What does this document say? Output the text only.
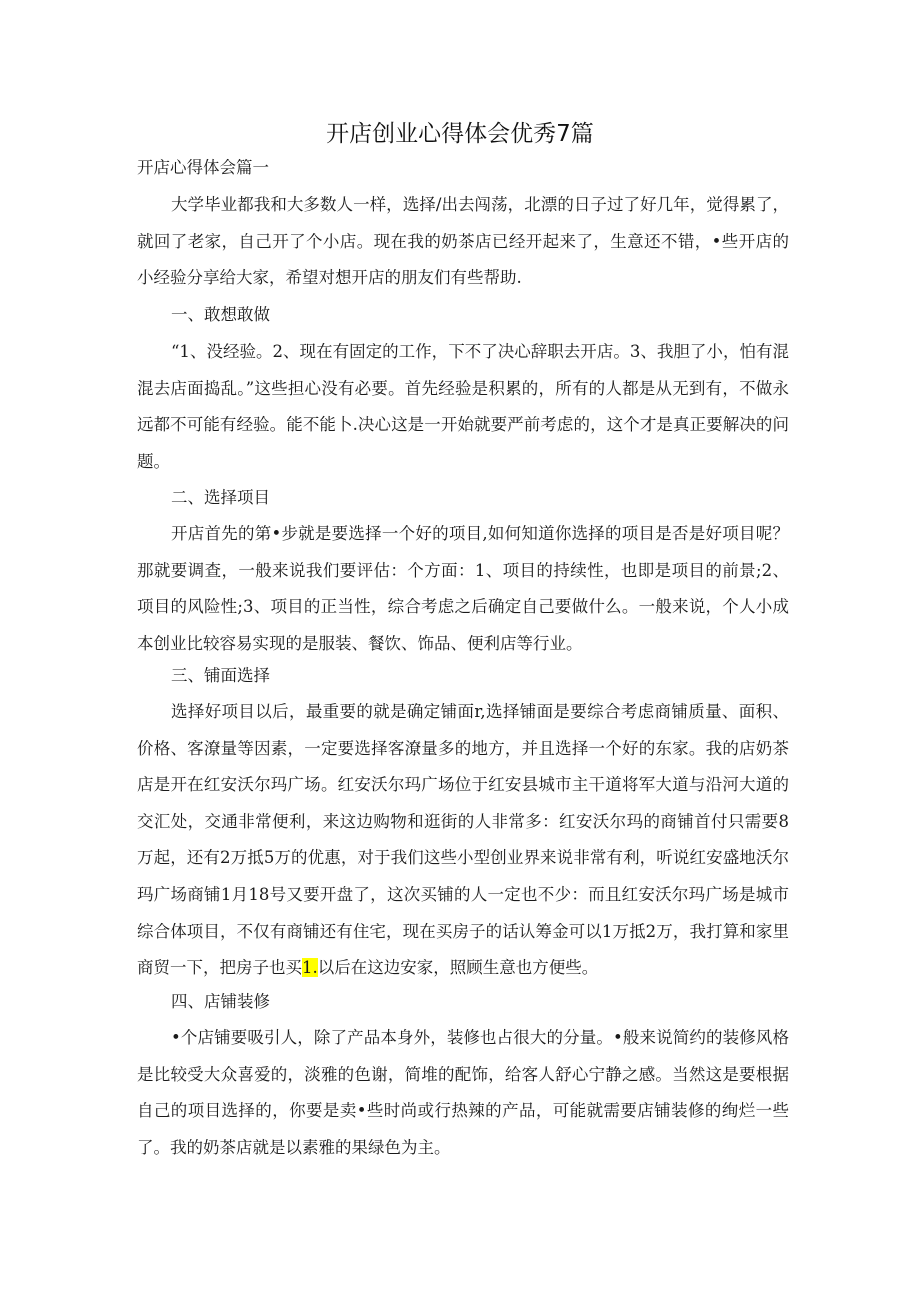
开店创业心得体会优秀7篇
开店心得体会篇一
大学毕业都我和大多数人一样，选择/出去闯荡，北漂的日子过了好几年，觉得累了，就回了老家，自己开了个小店。现在我的奶茶店已经开起来了，生意还不错，•些开店的小经验分享给大家，希望对想开店的朋友们有些帮助.
一、敢想敢做
“1、没经验。2、现在有固定的工作，下不了决心辞职去开店。3、我胆了小，怕有混混去店面捣乱。”这些担心没有必要。首先经验是积累的，所有的人都是从无到有，不做永远都不可能有经验。能不能卜.决心这是一开始就要严前考虑的，这个才是真正要解决的问题。
二、选择项目
开店首先的第•步就是要选择一个好的项目,如何知道你选择的项目是否是好项目呢？那就要调查，一般来说我们要评估：个方面：1、项目的持续性，也即是项目的前景;2、项目的风险性;3、项目的正当性，综合考虑之后确定自己要做什么。一般来说，个人小成本创业比较容易实现的是服装、餐饮、饰品、便利店等行业。
三、铺面选择
选择好项目以后，最重要的就是确定铺面r,选择铺面是要综合考虑商铺质量、面积、价格、客潦量等因素，一定要选择客潦量多的地方，并且选择一个好的东家。我的店奶茶店是开在红安沃尔玛广场。红安沃尔玛广场位于红安县城市主干道将军大道与沿河大道的交汇处，交通非常便利，来这边购物和逛街的人非常多：红安沃尔玛的商铺首付只需要8万起，还有2万抵5万的优惠，对于我们这些小型创业界来说非常有利，听说红安盛地沃尔玛广场商铺1月18号又要开盘了，这次买铺的人一定也不少：而且红安沃尔玛广场是城市综合体项目，不仅有商铺还有住宅，现在买房子的话认筹金可以1万抵2万，我打算和家里商贸一下，把房子也买1.以后在这边安家，照顾生意也方便些。
四、店铺装修
•个店铺要吸引人，除了产品本身外，装修也占很大的分量。•般来说简约的装修风格是比较受大众喜爱的，淡雅的色谢，简堆的配饰，给客人舒心宁静之感。当然这是要根据自己的项目选择的，你要是卖•些时尚或行热辣的产品，可能就需要店铺装修的绚烂一些了。我的奶茶店就是以素雅的果绿色为主。
